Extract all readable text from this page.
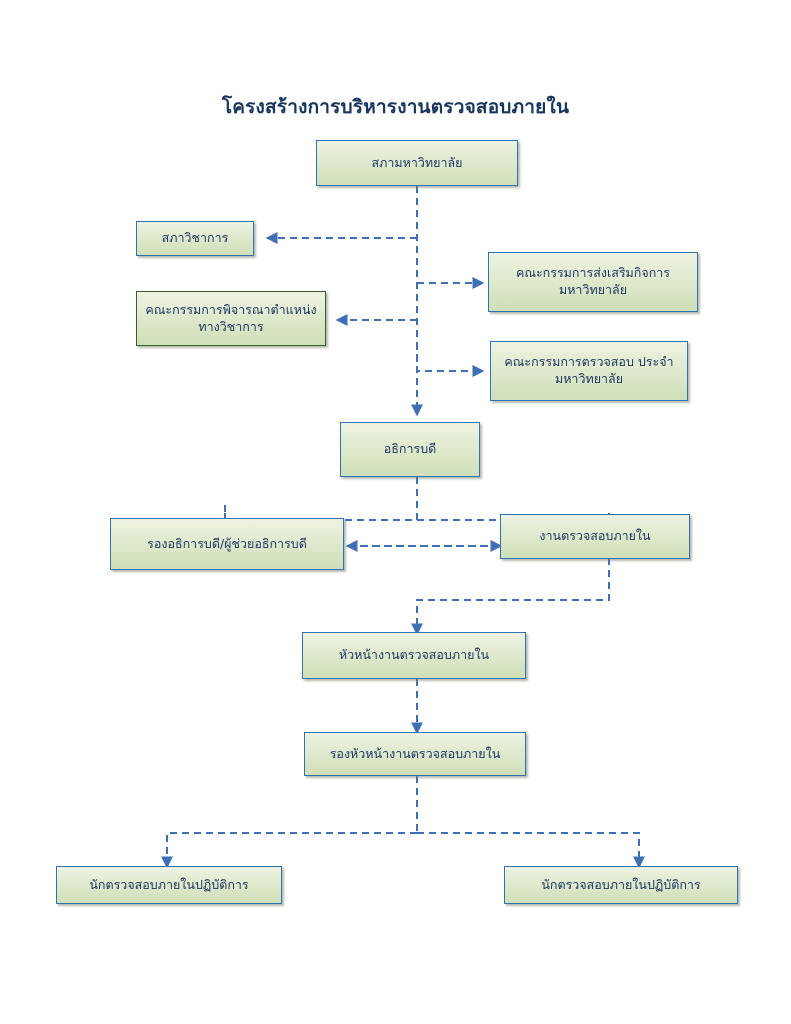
โครงสร้างการบริหารงานตรวจสอบภายใน
สภามหาวิทยาลัย
สภาวิชาการ
คณะกรรมการส่งเสริมกิจการ มหาวิทยาลัย
คณะกรรมการพิจารณาตำแหน่ง ทางวิชาการ
คณะกรรมการตรวจสอบ ประจำมหาวิทยาลัย
อธิการบดี
รองอธิการบดี/ผู้ช่วยอธิการบดี	งานตรวจสอบภายใน
หัวหน้างานตรวจสอบภายใน
รองหัวหน้างานตรวจสอบภายใน
นักตรวจสอบภายในปฏิบัติการ	นักตรวจสอบภายในปฏิบัติการ
